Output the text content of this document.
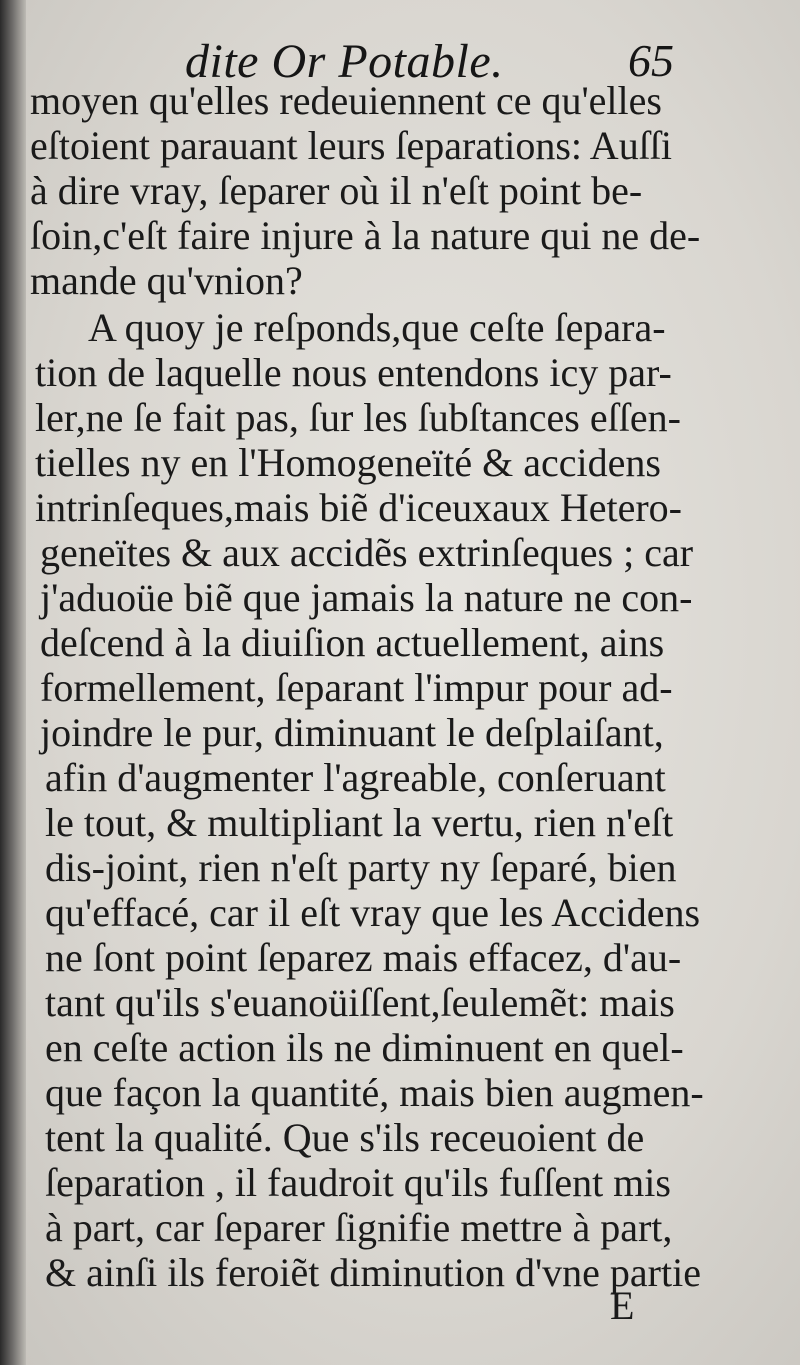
dite Or Potable.	65

moyen qu'elles redeuiennent ce qu'elles

eſtoient parauant leurs ſeparations: Auſſi

à dire vray, ſeparer où il n'eſt point be-

ſoin,c'eſt faire injure à la nature qui ne de-

mande qu'vnion?

A quoy je reſponds,que ceſte ſepara-

tion de laquelle nous entendons icy par-

ler,ne ſe fait pas, ſur les ſubſtances eſſen-

tielles ny en l'Homogeneïté & accidens

intrinſeques,mais biẽ d'iceuxaux Hetero-

geneïtes & aux accidẽs extrinſeques ; car

j'aduoüe biẽ que jamais la nature ne con-

deſcend à la diuiſion actuellement, ains

formellement, ſeparant l'impur pour ad-

joindre le pur, diminuant le deſplaiſant,

afin d'augmenter l'agreable, conſeruant

le tout, & multipliant la vertu, rien n'eſt

dis-joint, rien n'eſt party ny ſeparé, bien

qu'effacé, car il eſt vray que les Accidens

ne ſont point ſeparez mais effacez, d'au-

tant qu'ils s'euanoüiſſent,ſeulemẽt: mais

en ceſte action ils ne diminuent en quel-

que façon la quantité, mais bien augmen-

tent la qualité. Que s'ils receuoient de

ſeparation , il faudroit qu'ils fuſſent mis

à part, car ſeparer ſignifie mettre à part,

& ainſi ils feroiẽt diminution d'vne partie

E
